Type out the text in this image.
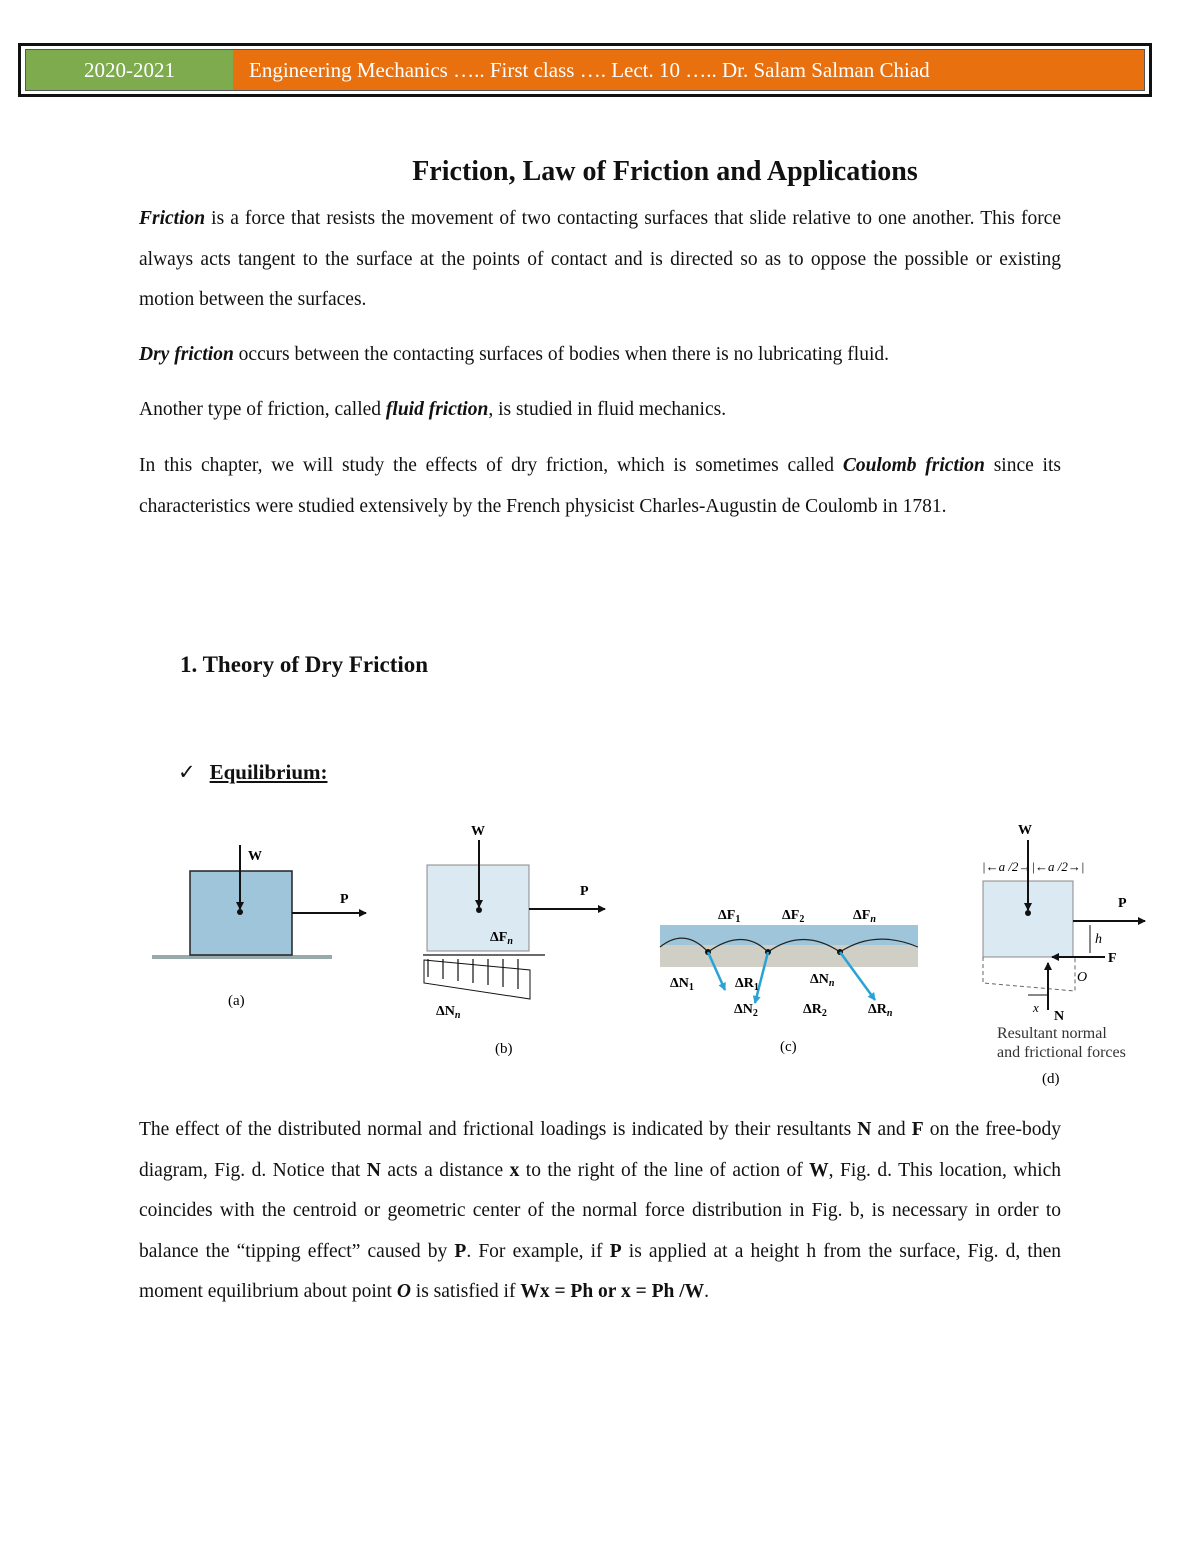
2020-2021	Engineering Mechanics ….. First class …. Lect. 10 ….. Dr. Salam Salman Chiad
Friction, Law of Friction and Applications
Friction is a force that resists the movement of two contacting surfaces that slide relative to one another. This force always acts tangent to the surface at the points of contact and is directed so as to oppose the possible or existing motion between the surfaces.
Dry friction occurs between the contacting surfaces of bodies when there is no lubricating fluid.
Another type of friction, called fluid friction, is studied in fluid mechanics.
In this chapter, we will study the effects of dry friction, which is sometimes called Coulomb friction since its characteristics were studied extensively by the French physicist Charles-Augustin de Coulomb in 1781.
1. Theory of Dry Friction
✓ Equilibrium:
W
P
(a)
W
P
$\Delta F_n$
$\Delta N_n$
(b)
$\Delta F_1$	$\Delta F_2$	$\Delta F_n$
$\Delta N_1$	$\Delta R_1$
$\Delta N_n$
$\Delta N_2$	$\Delta R_2$	$\Delta R_n$
(c)
W
|←a /2→|←a /2→|
P
h
F
N
O
x
Resultant normal
and frictional forces
(d)
The effect of the distributed normal and frictional loadings is indicated by their resultants N and F on the free-body diagram, Fig. d. Notice that N acts a distance x to the right of the line of action of W, Fig. d. This location, which coincides with the centroid or geometric center of the normal force distribution in Fig. b, is necessary in order to balance the “tipping effect” caused by P. For example, if P is applied at a height h from the surface, Fig. d, then moment equilibrium about point O is satisfied if Wx = Ph or x = Ph /W.
